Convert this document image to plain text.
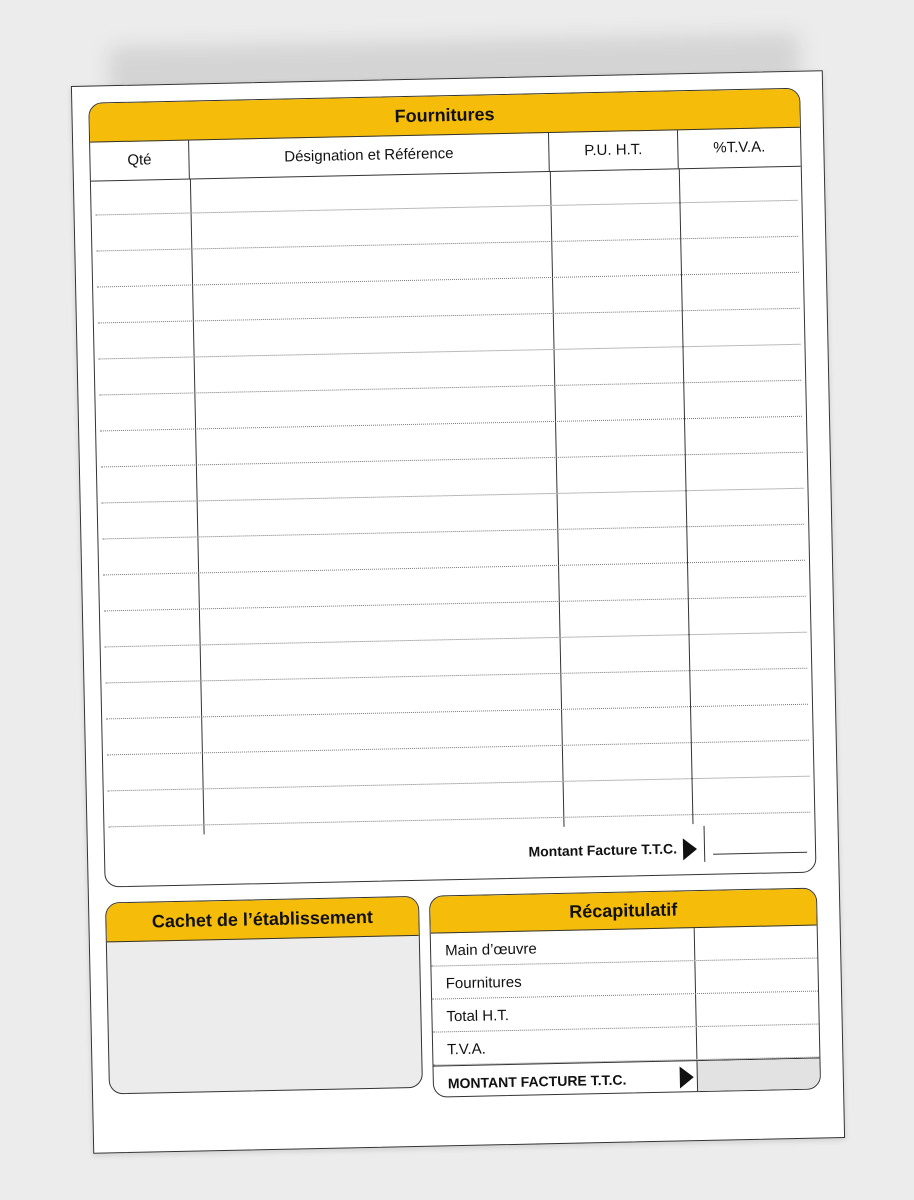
Fournitures
Qté	Désignation et Référence	P.U. H.T.	%T.V.A.
Montant Facture T.T.C.
Cachet de l’établissement	Récapitulatif
Main d’œuvre
Fournitures
Total H.T.
T.V.A.
MONTANT FACTURE T.T.C.
